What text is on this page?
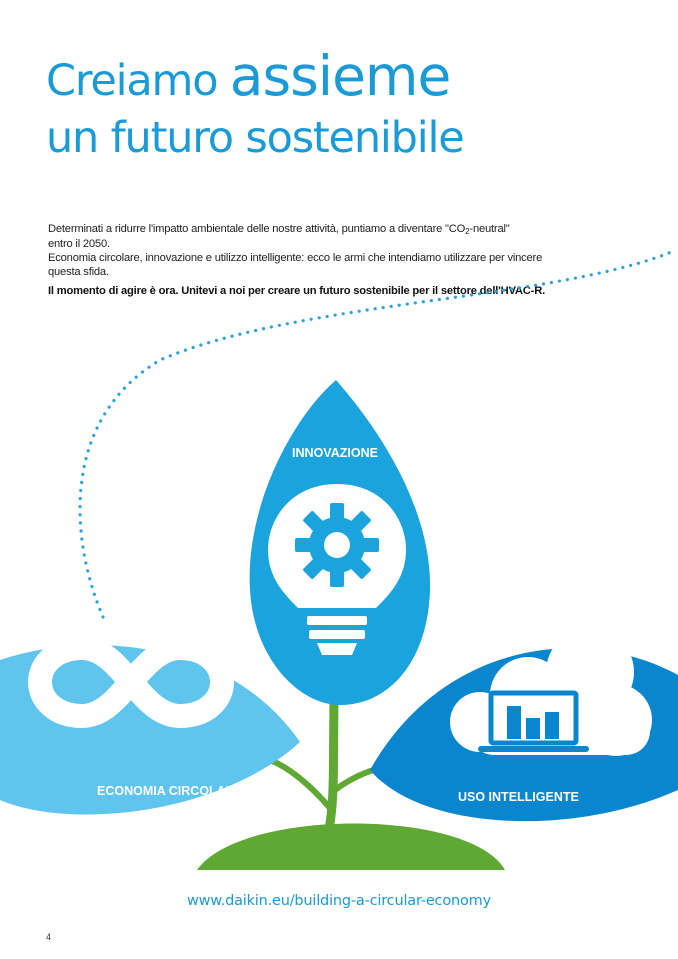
Creiamo assieme
un futuro sostenibile

Determinati a ridurre l'impatto ambientale delle nostre attività, puntiamo a diventare "CO2-neutral"
entro il 2050.

Economia circolare, innovazione e utilizzo intelligente: ecco le armi che intendiamo utilizzare per vincere questa sfida.

Il momento di agire è ora. Unitevi a noi per creare un futuro sostenibile per il settore dell'HVAC-R.
INNOVAZIONE
ECONOMIA CIRCOLARE	USO INTELLIGENTE
www.daikin.eu/building-a-circular-economy
4
